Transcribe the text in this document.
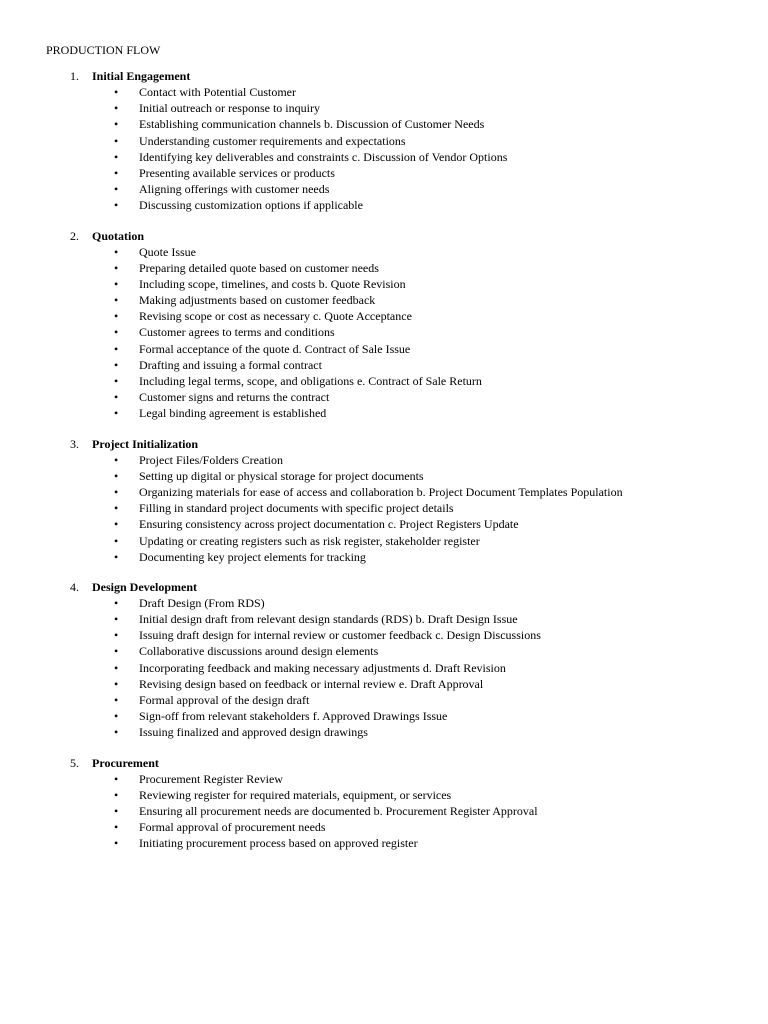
PRODUCTION FLOW
1.	Initial Engagement
•	Contact with Potential Customer
•	Initial outreach or response to inquiry
•	Establishing communication channels b. Discussion of Customer Needs
•	Understanding customer requirements and expectations
•	Identifying key deliverables and constraints c. Discussion of Vendor Options
•	Presenting available services or products
•	Aligning offerings with customer needs
•	Discussing customization options if applicable
2.	Quotation
•	Quote Issue
•	Preparing detailed quote based on customer needs
•	Including scope, timelines, and costs b. Quote Revision
•	Making adjustments based on customer feedback
•	Revising scope or cost as necessary c. Quote Acceptance
•	Customer agrees to terms and conditions
•	Formal acceptance of the quote d. Contract of Sale Issue
•	Drafting and issuing a formal contract
•	Including legal terms, scope, and obligations e. Contract of Sale Return
•	Customer signs and returns the contract
•	Legal binding agreement is established
3.	Project Initialization
•	Project Files/Folders Creation
•	Setting up digital or physical storage for project documents
•	Organizing materials for ease of access and collaboration b. Project Document Templates Population
•	Filling in standard project documents with specific project details
•	Ensuring consistency across project documentation c. Project Registers Update
•	Updating or creating registers such as risk register, stakeholder register
•	Documenting key project elements for tracking
4.	Design Development
•	Draft Design (From RDS)
•	Initial design draft from relevant design standards (RDS) b. Draft Design Issue
•	Issuing draft design for internal review or customer feedback c. Design Discussions
•	Collaborative discussions around design elements
•	Incorporating feedback and making necessary adjustments d. Draft Revision
•	Revising design based on feedback or internal review e. Draft Approval
•	Formal approval of the design draft
•	Sign-off from relevant stakeholders f. Approved Drawings Issue
•	Issuing finalized and approved design drawings
5.	Procurement
•	Procurement Register Review
•	Reviewing register for required materials, equipment, or services
•	Ensuring all procurement needs are documented b. Procurement Register Approval
•	Formal approval of procurement needs
•	Initiating procurement process based on approved register
